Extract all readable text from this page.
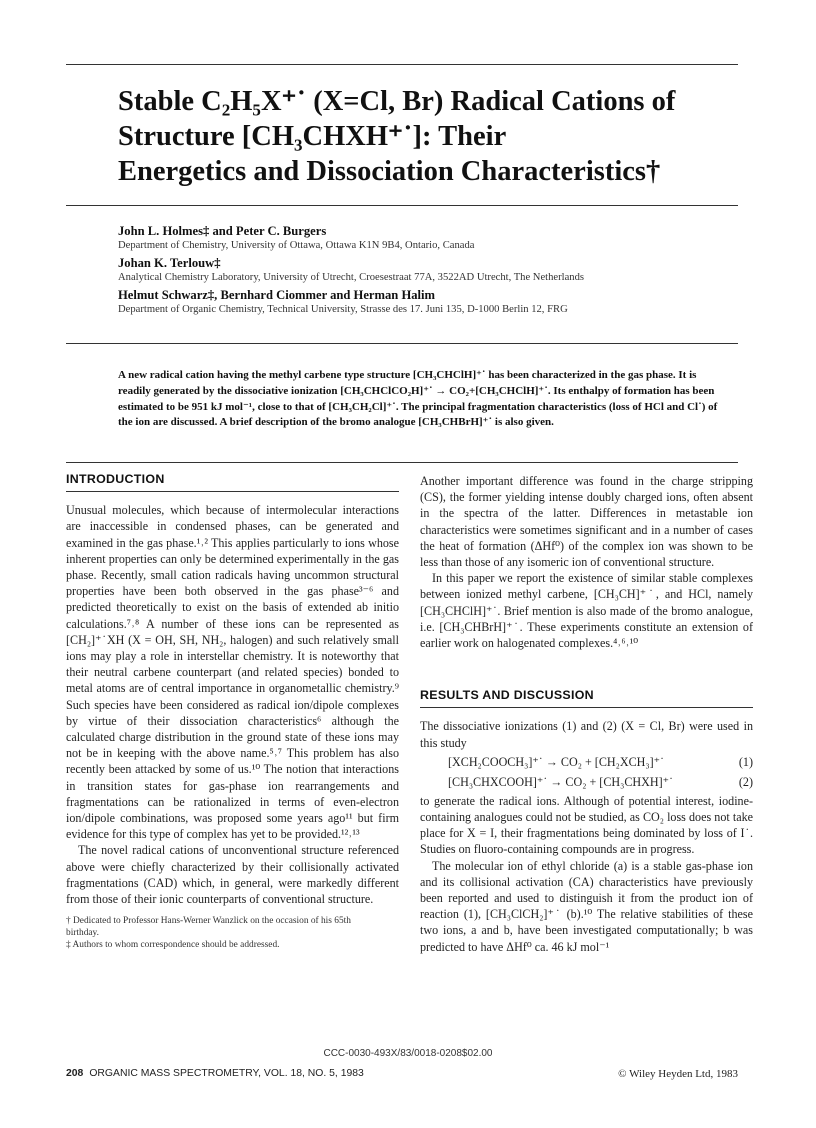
Stable C₂H₅X⁺˙ (X=Cl, Br) Radical Cations of
Structure [CH₃CHXH⁺˙]: Their
Energetics and Dissociation Characteristics†
John L. Holmes‡ and Peter C. Burgers
Department of Chemistry, University of Ottawa, Ottawa K1N 9B4, Ontario, Canada
Johan K. Terlouw‡
Analytical Chemistry Laboratory, University of Utrecht, Croesestraat 77A, 3522AD Utrecht, The Netherlands
Helmut Schwarz‡, Bernhard Ciommer and Herman Halim
Department of Organic Chemistry, Technical University, Strasse des 17. Juni 135, D-1000 Berlin 12, FRG

A new radical cation having the methyl carbene type structure [CH₃CHClH]⁺˙ has been characterized in the gas phase. It is readily generated by the dissociative ionization [CH₃CHClCO₂H]⁺˙ → CO₂+[CH₃CHClH]⁺˙. Its enthalpy of formation has been estimated to be 951 kJ mol⁻¹, close to that of [CH₃CH₂Cl]⁺˙. The principal fragmentation characteristics (loss of HCl and Cl˙) of the ion are discussed. A brief description of the bromo analogue [CH₃CHBrH]⁺˙ is also given.

INTRODUCTION

Unusual molecules, which because of intermolecular interactions are inaccessible in condensed phases, can be generated and examined in the gas phase.¹˒² This applies particularly to ions whose inherent properties can only be determined experimentally in the gas phase. Recently, small cation radicals having uncommon structural properties have been both observed in the gas phase³⁻⁶ and predicted theoretically to exist on the basis of extended ab initio calculations.⁷˒⁸ A number of these ions can be represented as [CH₂]⁺˙XH (X = OH, SH, NH₂, halogen) and such relatively small ions may play a role in interstellar chemistry. It is noteworthy that their neutral carbene counterpart (and related species) bonded to metal atoms are of central importance in organometallic chemistry.⁹ Such species have been considered as radical ion/dipole complexes by virtue of their dissociation characteristics⁶ although the calculated charge distribution in the ground state of these ions may not be in keeping with the above name.⁵˒⁷ This problem has also recently been attacked by some of us.¹⁰ The notion that interactions in transition states for gas-phase ion rearrangements and fragmentations can be rationalized in terms of even-electron ion/dipole combinations, was proposed some years ago¹¹ but firm evidence for this type of complex has yet to be provided.¹²˒¹³

The novel radical cations of unconventional structure referenced above were chiefly characterized by their collisionally activated fragmentations (CAD) which, in general, were markedly different from those of their ionic counterparts of conventional structure.

† Dedicated to Professor Hans-Werner Wanzlick on the occasion of his 65th birthday.
‡ Authors to whom correspondence should be addressed.

Another important difference was found in the charge stripping (CS), the former yielding intense doubly charged ions, often absent in the spectra of the latter. Differences in metastable ion characteristics were sometimes significant and in a number of cases the heat of formation (ΔHf⁰) of the complex ion was shown to be less than those of any isomeric ion of conventional structure.

In this paper we report the existence of similar stable complexes between ionized methyl carbene, [CH₃CH]⁺˙, and HCl, namely [CH₃CHClH]⁺˙. Brief mention is also made of the bromo analogue, i.e. [CH₃CHBrH]⁺˙. These experiments constitute an extension of earlier work on halogenated complexes.⁴˒⁶˒¹⁰

RESULTS AND DISCUSSION

The dissociative ionizations (1) and (2) (X = Cl, Br) were used in this study

[XCH₂COOCH₃]⁺˙ → CO₂ + [CH₂XCH₃]⁺˙	(1)
[CH₃CHXCOOH]⁺˙ → CO₂ + [CH₃CHXH]⁺˙	(2)

to generate the radical ions. Although of potential interest, iodine-containing analogues could not be studied, as CO₂ loss does not take place for X = I, their fragmentations being dominated by loss of I˙. Studies on fluoro-containing compounds are in progress.

The molecular ion of ethyl chloride (a) is a stable gas-phase ion and its collisional activation (CA) characteristics have previously been reported and used to distinguish it from the product ion of reaction (1), [CH₃ClCH₂]⁺˙ (b).¹⁰ The relative stabilities of these two ions, a and b, have been investigated computationally; b was predicted to have ΔHf⁰ ca. 46 kJ mol⁻¹

CCC-0030-493X/83/0018-0208$02.00
208 ORGANIC MASS SPECTROMETRY, VOL. 18, NO. 5, 1983	© Wiley Heyden Ltd, 1983
